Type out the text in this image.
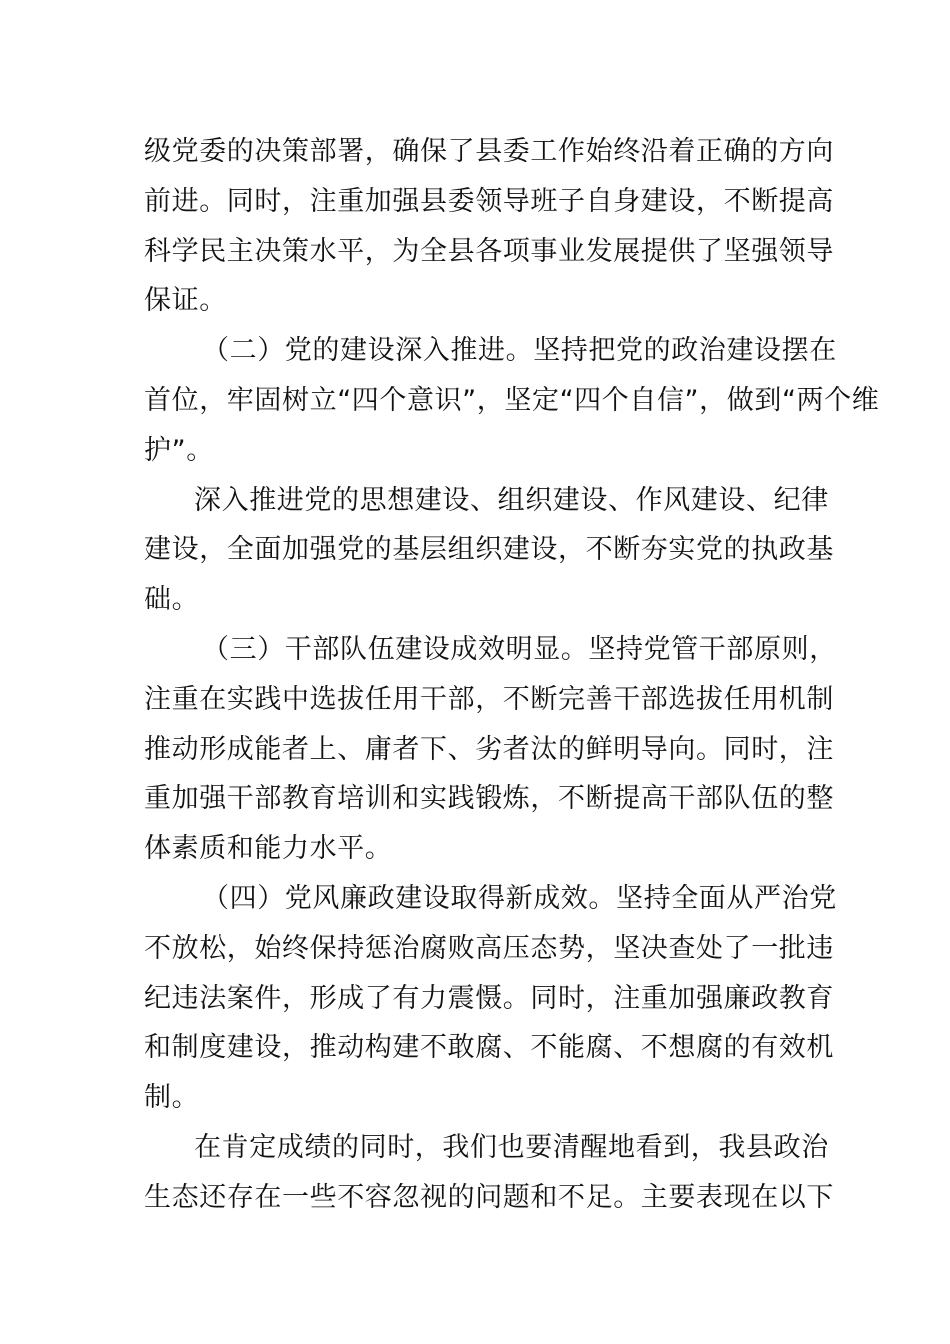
级党委的决策部署，确保了县委工作始终沿着正确的方向
前进。同时，注重加强县委领导班子自身建设，不断提高
科学民主决策水平，为全县各项事业发展提供了坚强领导
保证。
（二）党的建设深入推进。坚持把党的政治建设摆在
首位，牢固树立“四个意识”，坚定“四个自信”，做到“两个维
护”。
深入推进党的思想建设、组织建设、作风建设、纪律
建设，全面加强党的基层组织建设，不断夯实党的执政基
础。
（三）干部队伍建设成效明显。坚持党管干部原则，
注重在实践中选拔任用干部，不断完善干部选拔任用机制
推动形成能者上、庸者下、劣者汰的鲜明导向。同时，注
重加强干部教育培训和实践锻炼，不断提高干部队伍的整
体素质和能力水平。
（四）党风廉政建设取得新成效。坚持全面从严治党
不放松，始终保持惩治腐败高压态势，坚决查处了一批违
纪违法案件，形成了有力震慑。同时，注重加强廉政教育
和制度建设，推动构建不敢腐、不能腐、不想腐的有效机
制。
在肯定成绩的同时，我们也要清醒地看到，我县政治
生态还存在一些不容忽视的问题和不足。主要表现在以下
